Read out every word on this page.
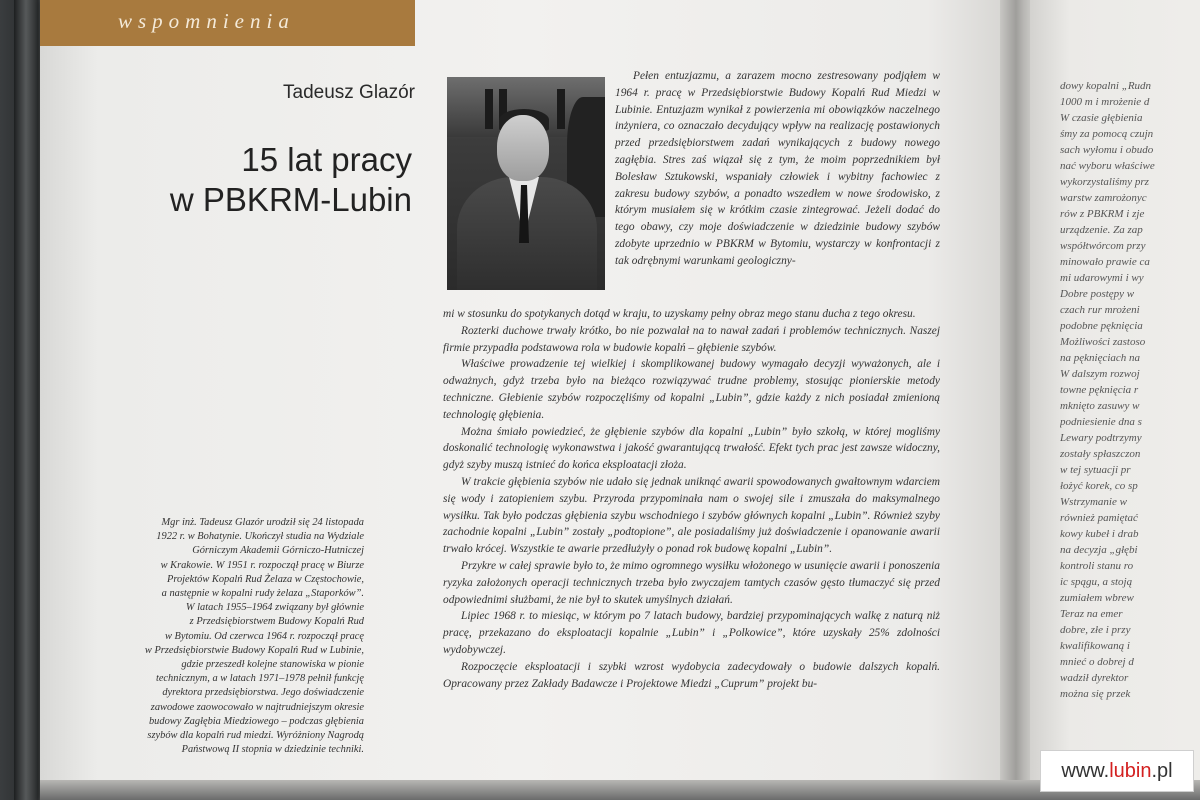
wspomnienia
Tadeusz Glazór
15 lat pracy
w PBKRM-Lubin

Pełen entuzjazmu, a zarazem mocno zestresowany podjąłem w 1964 r. pracę w Przedsiębiorstwie Budowy Kopalń Rud Miedzi w Lubinie. Entuzjazm wynikał z powierzenia mi obowiązków naczelnego inżyniera, co oznaczało decydujący wpływ na realizację postawionych przed przedsiębiorstwem zadań wynikających z budowy nowego zagłębia. Stres zaś wiązał się z tym, że moim poprzednikiem był Bolesław Sztukowski, wspaniały człowiek i wybitny fachowiec z zakresu budowy szybów, a ponadto wszedłem w nowe środowisko, z którym musiałem się w krótkim czasie zintegrować. Jeżeli dodać do tego obawy, czy moje doświadczenie w dziedzinie budowy szybów zdobyte uprzednio w PBKRM w Bytomiu, wystarczy w konfrontacji z tak odrębnymi warunkami geologiczny-

mi w stosunku do spotykanych dotąd w kraju, to uzyskamy pełny obraz mego stanu ducha z tego okresu.

Rozterki duchowe trwały krótko, bo nie pozwalał na to nawał zadań i problemów technicznych. Naszej firmie przypadła podstawowa rola w budowie kopalń – głębienie szybów.

Właściwe prowadzenie tej wielkiej i skomplikowanej budowy wymagało decyzji wyważonych, ale i odważnych, gdyż trzeba było na bieżąco rozwiązywać trudne problemy, stosując pionierskie metody techniczne. Głebienie szybów rozpoczęliśmy od kopalni „Lubin”, gdzie każdy z nich posiadał zmienioną technologię głębienia.

Można śmiało powiedzieć, że głębienie szybów dla kopalni „Lubin” było szkołą, w której mogliśmy doskonalić technologię wykonawstwa i jakość gwarantującą trwałość. Efekt tych prac jest zawsze widoczny, gdyż szyby muszą istnieć do końca eksploatacji złoża.

W trakcie głębienia szybów nie udało się jednak uniknąć awarii spowodowanych gwałtownym wdarciem się wody i zatopieniem szybu. Przyroda przypominała nam o swojej sile i zmuszała do maksymalnego wysiłku. Tak było podczas głębienia szybu wschodniego i szybów głównych kopalni „Lubin”. Również szyby zachodnie kopalni „Lubin” zostały „podtopione”, ale posiadaliśmy już doświadczenie i opanowanie awarii trwało krócej. Wszystkie te awarie przedłużyły o ponad rok budowę kopalni „Lubin”.

Przykre w całej sprawie było to, że mimo ogromnego wysiłku włożonego w usunięcie awarii i ponoszenia ryzyka założonych operacji technicznych trzeba było zwyczajem tamtych czasów gęsto tłumaczyć się przed odpowiednimi służbami, że nie był to skutek umyślnych działań.

Lipiec 1968 r. to miesiąc, w którym po 7 latach budowy, bardziej przypominających walkę z naturą niż pracę, przekazano do eksploatacji kopalnie „Lubin” i „Polkowice”, które uzyskały 25% zdolności wydobywczej.

Rozpoczęcie eksploatacji i szybki wzrost wydobycia zadecydowały o budowie dalszych kopalń. Opracowany przez Zakłady Badawcze i Projektowe Miedzi „Cuprum” projekt bu-

Mgr inż. Tadeusz Glazór urodził się 24 listopada
1922 r. w Bohatynie. Ukończył studia na Wydziale
Górniczym Akademii Górniczo-Hutniczej
w Krakowie. W 1951 r. rozpoczął pracę w Biurze
Projektów Kopalń Rud Żelaza w Częstochowie,
a następnie w kopalni rudy żelaza „Staporków”.
W latach 1955–1964 związany był głównie
z Przedsiębiorstwem Budowy Kopalń Rud
w Bytomiu. Od czerwca 1964 r. rozpoczął pracę
w Przedsiębiorstwie Budowy Kopalń Rud w Lubinie,
gdzie przeszedł kolejne stanowiska w pionie
technicznym, a w latach 1971–1978 pełnił funkcję
dyrektora przedsiębiorstwa. Jego doświadczenie
zawodowe zaowocowało w najtrudniejszym okresie
budowy Zagłębia Miedziowego – podczas głębienia
szybów dla kopalń rud miedzi. Wyróżniony Nagrodą
Państwową II stopnia w dziedzinie techniki.
dowy kopalni „Rudn
1000 m i mrożenie d
W czasie głębienia
śmy za pomocą czujn
sach wyłomu i obudo
nać wyboru właściwe
wykorzystaliśmy prz
warstw zamrożonyc
rów z PBKRM i zje
urządzenie. Za zap
współtwórcom przy
minowało prawie ca
mi udarowymi i wy
Dobre postępy w
czach rur mrożeni
podobne pęknięcia
Możliwości zastoso
na pęknięciach na
W dalszym rozwoj
towne pęknięcia r
mknięto zasuwy w
podniesienie dna s
Lewary podtrzymy
zostały spłaszczon
w tej sytuacji pr
łożyć korek, co sp
Wstrzymanie w
również pamiętać
kowy kubeł i drab
na decyzja „głębi
kontroli stanu ro
ic spągu, a stoją
zumiałem wbrew
Teraz na emer
dobre, złe i przy
kwalifikowaną i
mnieć o dobrej d
wadził dyrektor
można się przek
www.lubin.pl
